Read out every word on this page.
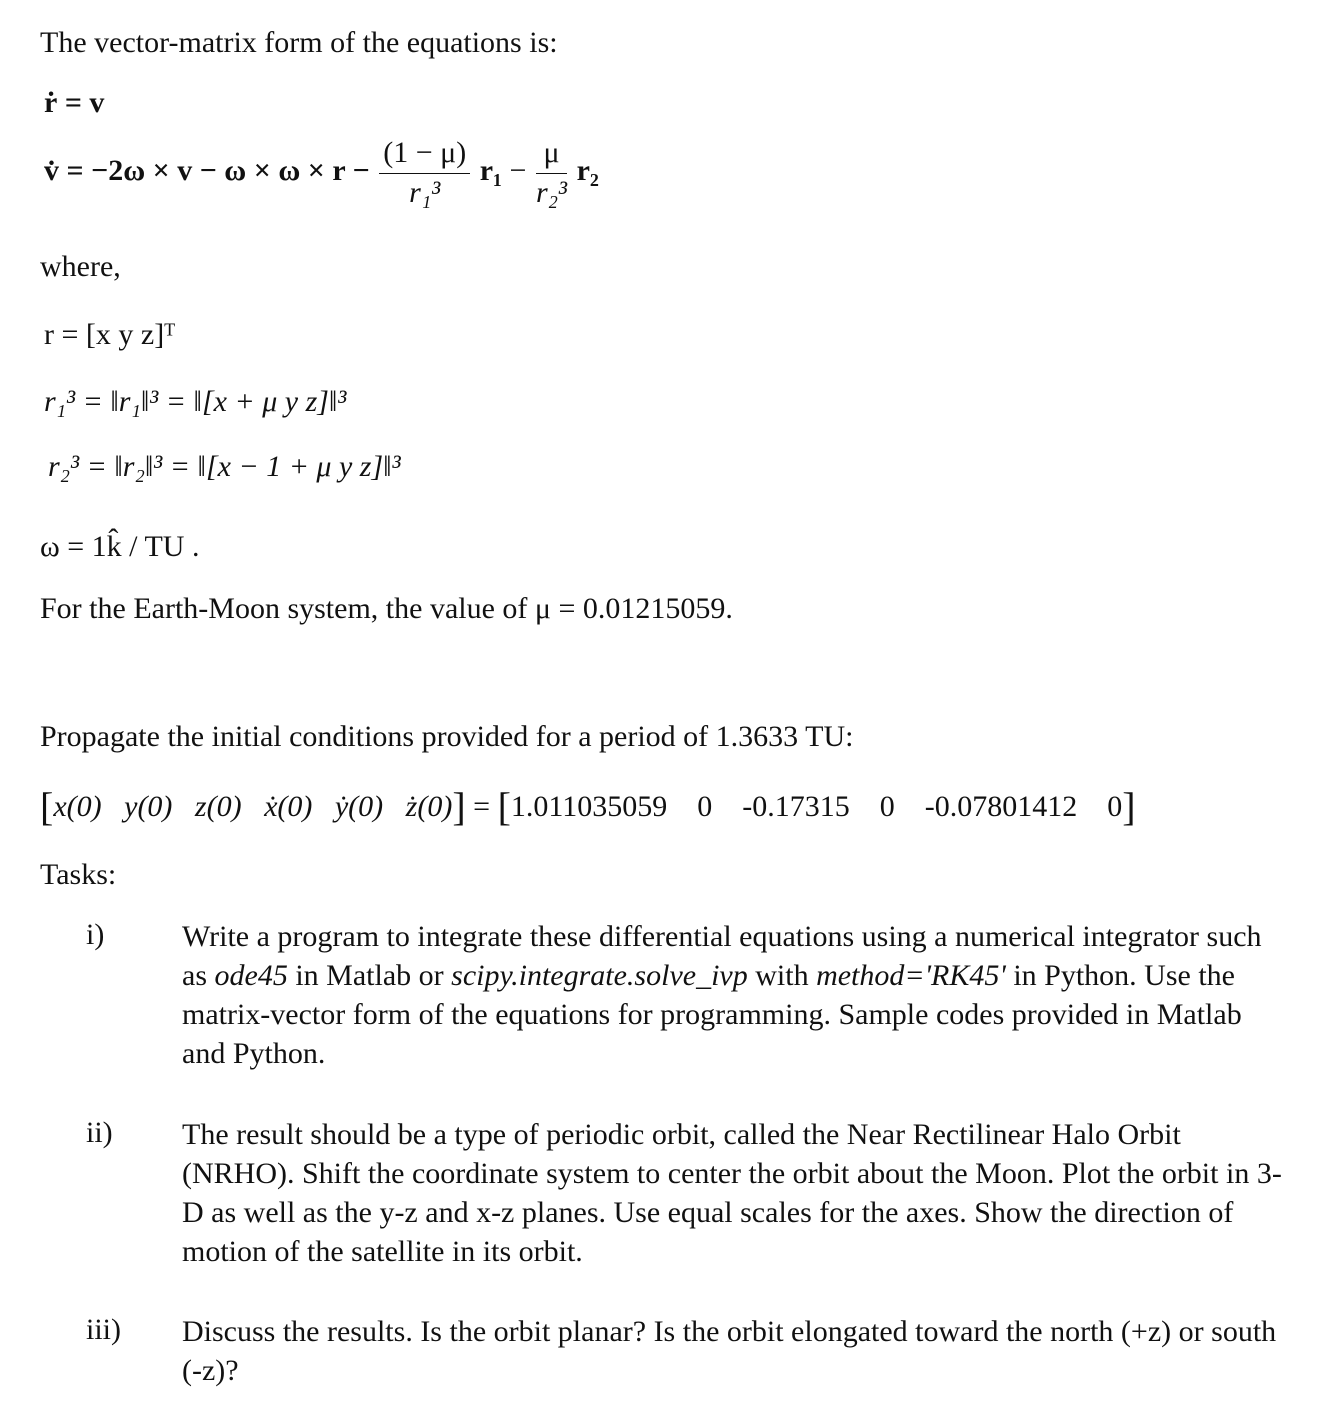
The vector-matrix form of the equations is:
ṙ = v
v̇ = $-2\omega \times v - \omega \times \omega \times r - \frac{(1 - \mu)}{\text{r₁³}} r_1 - \frac{\mu}{\text{r₂³}} r_2$
where,
r = [x y z]ᵀ
r₁³ = ‖r₁‖³ = ‖[x + μ y z]‖³
r₂³ = ‖r₂‖³ = ‖[x − 1 + μ y z]‖³
ω = 1k̂ / TU .
For the Earth-Moon system, the value of μ = 0.01215059.
Propagate the initial conditions provided for a period of 1.3633 TU:
[x(0)   y(0)   z(0)   ẋ(0)   ẏ(0)   ż(0)] = [1.011035059    0    -0.17315    0    -0.07801412    0]
Tasks:
i)	Write a program to integrate these differential equations using a numerical integrator such as ode45 in Matlab or scipy.integrate.solve_ivp with method='RK45' in Python. Use the matrix-vector form of the equations for programming. Sample codes provided in Matlab and Python.
ii) The result should be a type of periodic orbit, called the Near Rectilinear Halo Orbit (NRHO). Shift the coordinate system to center the orbit about the Moon. Plot the orbit in 3-D as well as the y-z and x-z planes. Use equal scales for the axes. Show the direction of motion of the satellite in its orbit.
iii) Discuss the results. Is the orbit planar? Is the orbit elongated toward the north (+z) or south (-z)?
